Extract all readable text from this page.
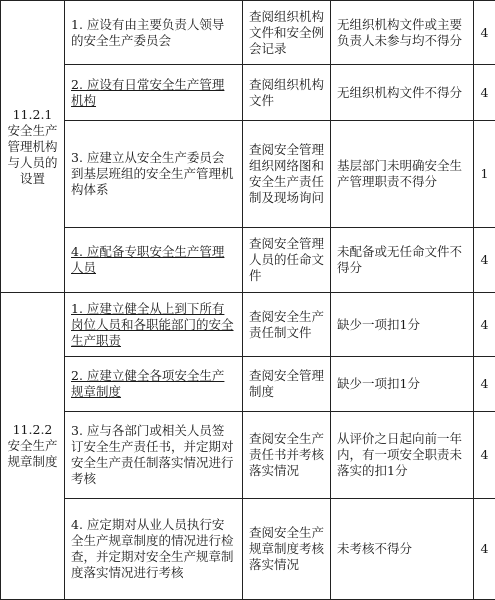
11.2.1
安全生产管理机构与人员的设置	1. 应设有由主要负责人领导的安全生产委员会	查阅组织机构文件和安全例会记录	无组织机构文件或主要负责人未参与均不得分	4
	2. 应设有日常安全生产管理机构	查阅组织机构文件	无组织机构文件不得分	4
	3. 应建立从安全生产委员会到基层班组的安全生产管理机构体系	查阅安全管理组织网络图和安全生产责任制及现场询问	基层部门未明确安全生产管理职责不得分	1
	4. 应配备专职安全生产管理人员	查阅安全管理人员的任命文件	未配备或无任命文件不得分	4

11.2.2
安全生产规章制度	1. 应建立健全从上到下所有岗位人员和各职能部门的安全生产职责	查阅安全生产责任制文件	缺少一项扣1分	4
	2. 应建立健全各项安全生产规章制度	查阅安全管理制度	缺少一项扣1分	4
	3. 应与各部门或相关人员签订安全生产责任书，并定期对安全生产责任制落实情况进行考核	查阅安全生产责任书并考核落实情况	从评价之日起向前一年内，有一项安全职责未落实的扣1分	4
	4. 应定期对从业人员执行安全生产规章制度的情况进行检查，并定期对安全生产规章制度落实情况进行考核	查阅安全生产规章制度考核落实情况	未考核不得分	4
